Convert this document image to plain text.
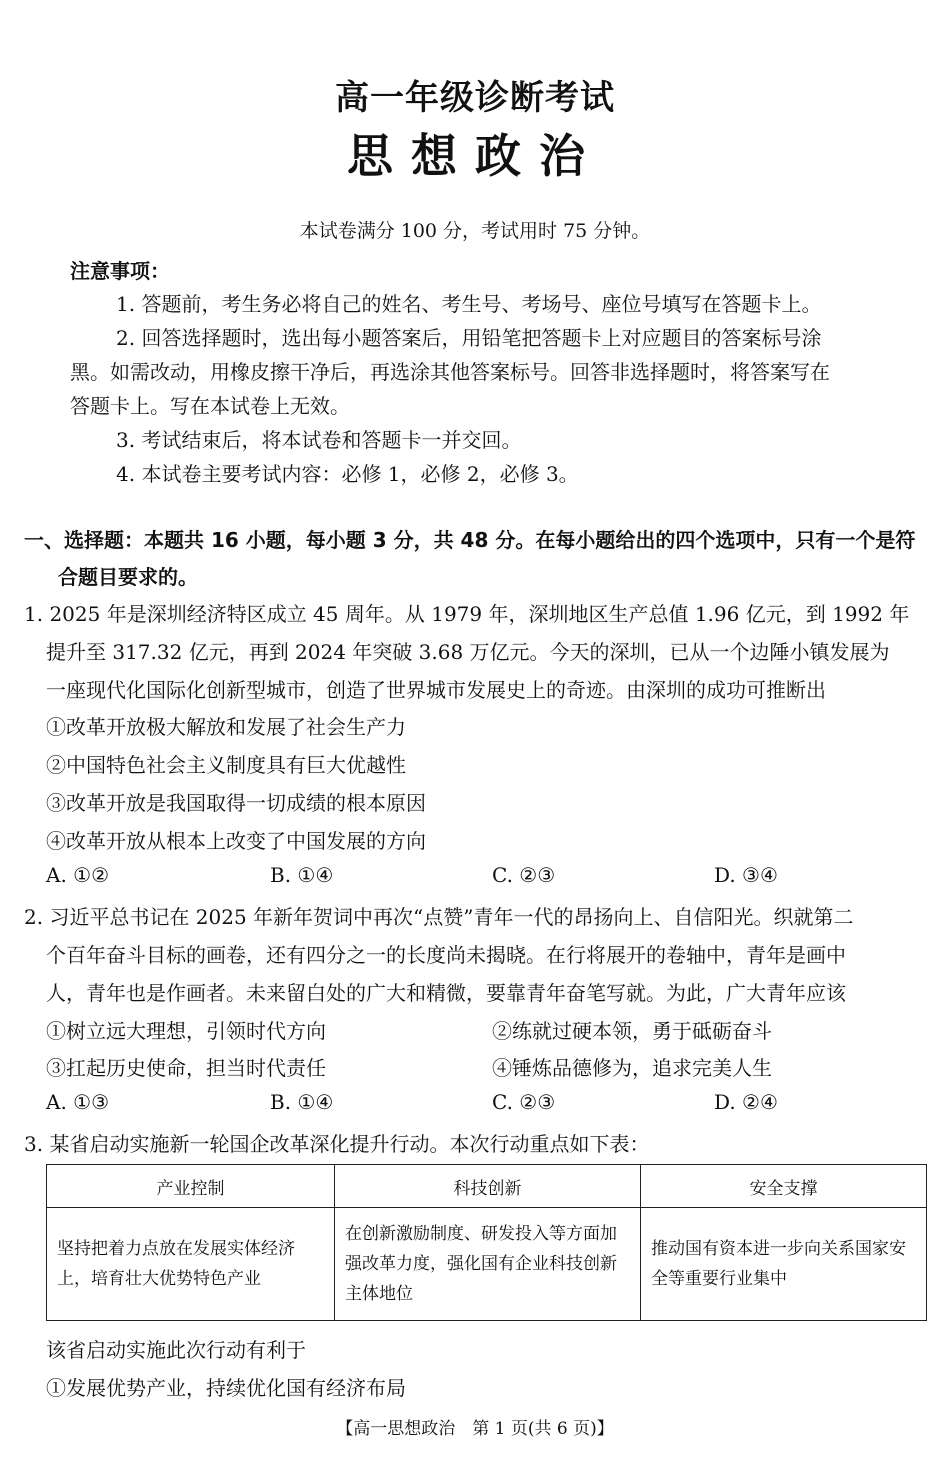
高一年级诊断考试
思想政治
本试卷满分 100 分，考试用时 75 分钟。
注意事项：
1. 答题前，考生务必将自己的姓名、考生号、考场号、座位号填写在答题卡上。
2. 回答选择题时，选出每小题答案后，用铅笔把答题卡上对应题目的答案标号涂
黑。如需改动，用橡皮擦干净后，再选涂其他答案标号。回答非选择题时，将答案写在
答题卡上。写在本试卷上无效。
3. 考试结束后，将本试卷和答题卡一并交回。
4. 本试卷主要考试内容：必修 1，必修 2，必修 3。
一、选择题：本题共 16 小题，每小题 3 分，共 48 分。在每小题给出的四个选项中，只有一个是符
合题目要求的。
1. 2025 年是深圳经济特区成立 45 周年。从 1979 年，深圳地区生产总值 1.96 亿元，到 1992 年
提升至 317.32 亿元，再到 2024 年突破 3.68 万亿元。今天的深圳，已从一个边陲小镇发展为
一座现代化国际化创新型城市，创造了世界城市发展史上的奇迹。由深圳的成功可推断出
①改革开放极大解放和发展了社会生产力
②中国特色社会主义制度具有巨大优越性
③改革开放是我国取得一切成绩的根本原因
④改革开放从根本上改变了中国发展的方向
A. ①②	B. ①④	C. ②③	D. ③④
2. 习近平总书记在 2025 年新年贺词中再次“点赞”青年一代的昂扬向上、自信阳光。织就第二
个百年奋斗目标的画卷，还有四分之一的长度尚未揭晓。在行将展开的卷轴中，青年是画中
人，青年也是作画者。未来留白处的广大和精微，要靠青年奋笔写就。为此，广大青年应该
①树立远大理想，引领时代方向	②练就过硬本领，勇于砥砺奋斗
③扛起历史使命，担当时代责任	④锤炼品德修为，追求完美人生
A. ①③	B. ①④	C. ②③	D. ②④
3. 某省启动实施新一轮国企改革深化提升行动。本次行动重点如下表：
产业控制	科技创新	安全支撑
坚持把着力点放在发展实体经济上，培育壮大优势特色产业	在创新激励制度、研发投入等方面加强改革力度，强化国有企业科技创新主体地位	推动国有资本进一步向关系国家安全等重要行业集中
该省启动实施此次行动有利于
①发展优势产业，持续优化国有经济布局
【高一思想政治　第 1 页(共 6 页)】
